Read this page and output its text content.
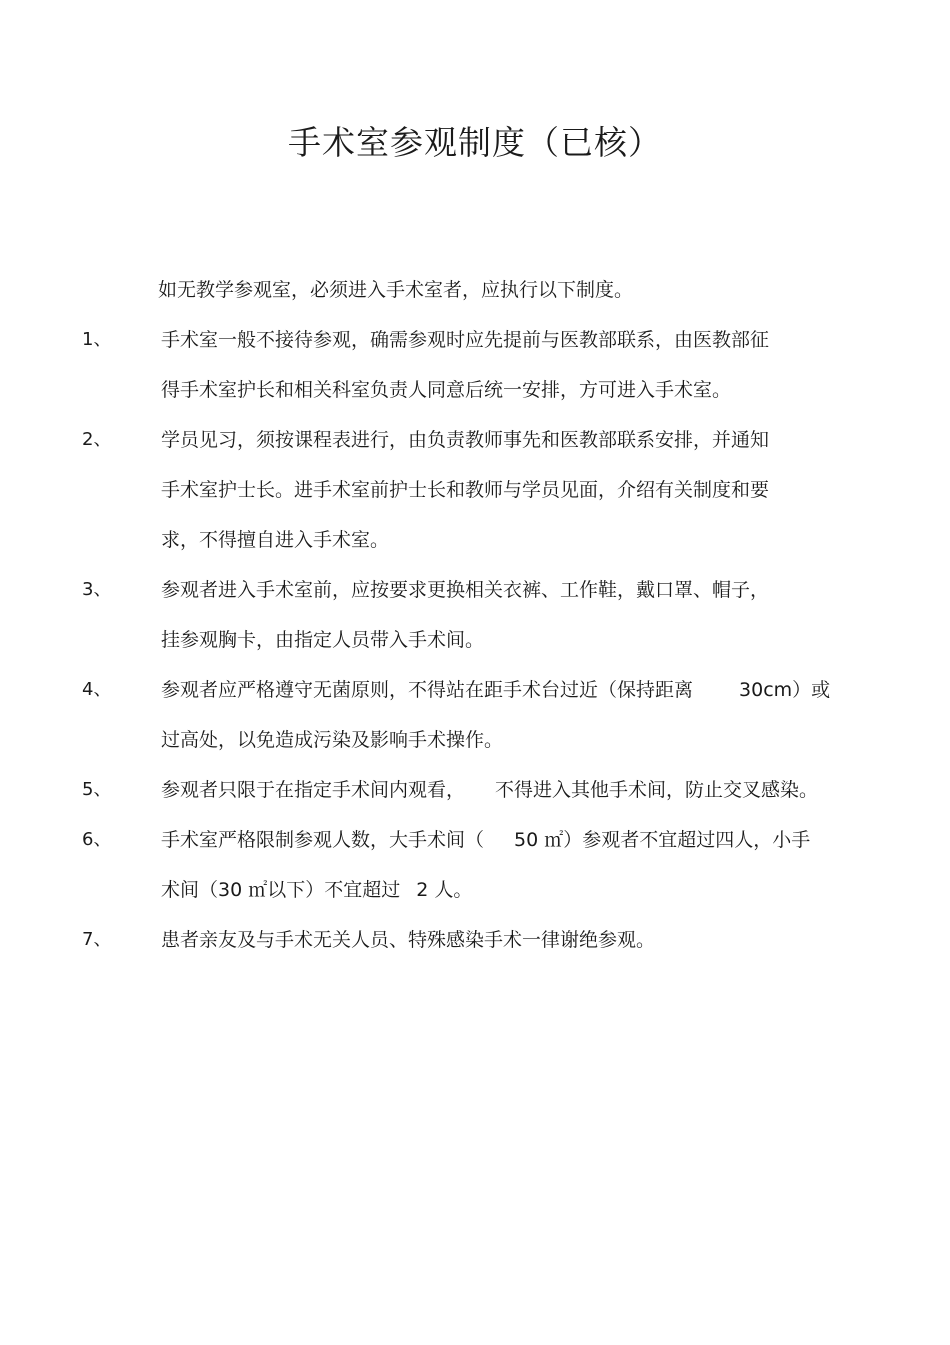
手术室参观制度（已核）
如无教学参观室，必须进入手术室者，应执行以下制度。
1、	手术室一般不接待参观，确需参观时应先提前与医教部联系，由医教部征
得手术室护长和相关科室负责人同意后统一安排，方可进入手术室。
2、	学员见习，须按课程表进行，由负责教师事先和医教部联系安排，并通知
手术室护士长。进手术室前护士长和教师与学员见面，介绍有关制度和要
求，不得擅自进入手术室。
3、	参观者进入手术室前，应按要求更换相关衣裤、工作鞋，戴口罩、帽子，
挂参观胸卡，由指定人员带入手术间。
4、	参观者应严格遵守无菌原则，不得站在距手术台过近（保持距离 30cm）或
过高处，以免造成污染及影响手术操作。
5、	参观者只限于在指定手术间内观看， 不得进入其他手术间，防止交叉感染。
6、	手术室严格限制参观人数，大手术间（ 50 ㎡）参观者不宜超过四人，小手
术间（30 ㎡以下）不宜超过 2 人。
7、	患者亲友及与手术无关人员、特殊感染手术一律谢绝参观。
